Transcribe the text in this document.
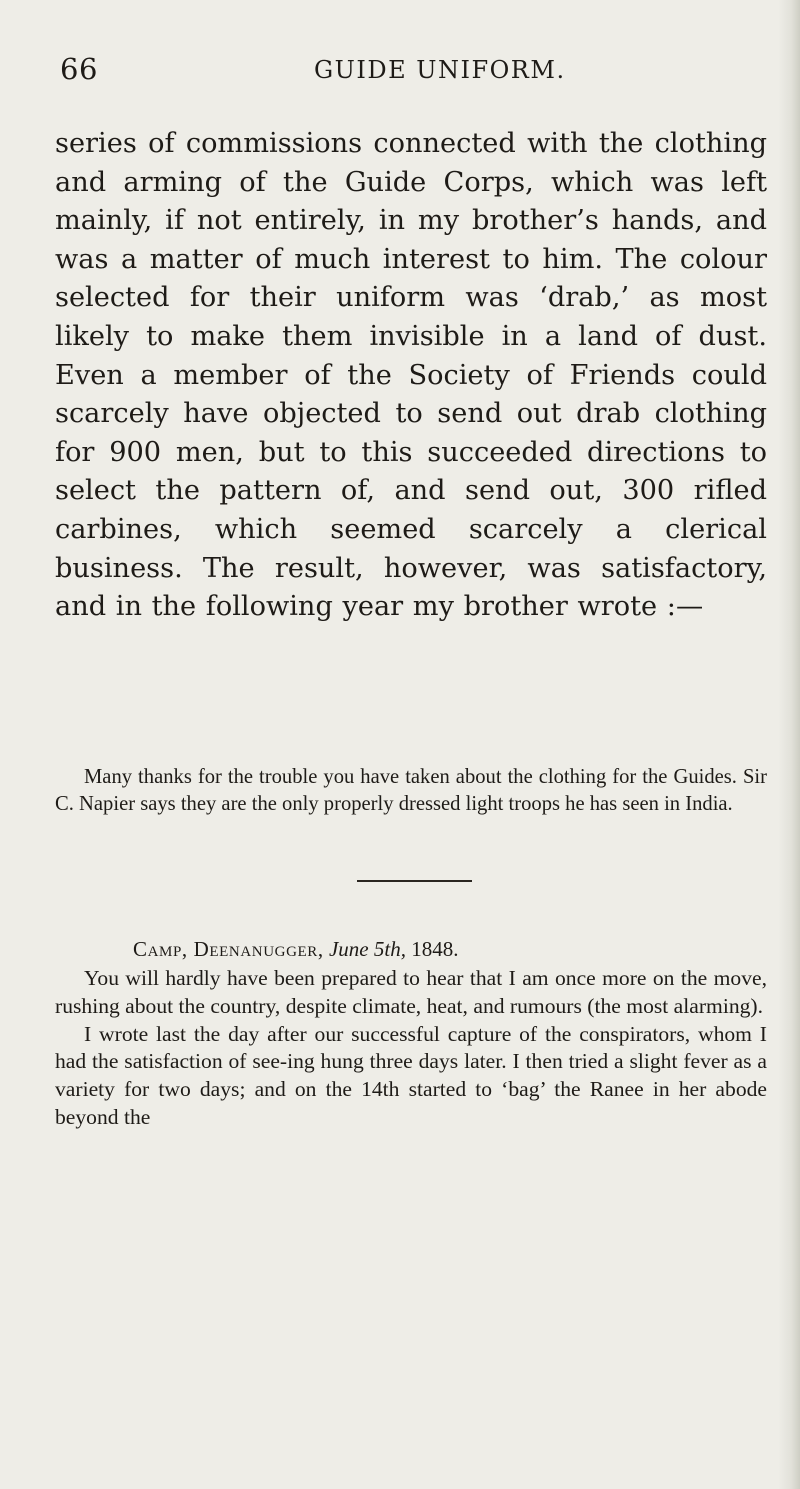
66	GUIDE UNIFORM.

series of commissions connected with the clothing and arming of the Guide Corps, which was left mainly, if not entirely, in my brother’s hands, and was a matter of much interest to him. The colour selected for their uniform was ‘drab,’ as most likely to make them invisible in a land of dust. Even a member of the Society of Friends could scarcely have objected to send out drab clothing for 900 men, but to this succeeded directions to select the pattern of, and send out, 300 rifled carbines, which seemed scarcely a clerical business. The result, however, was satisfactory, and in the following year my brother wrote :—

Many thanks for the trouble you have taken about the clothing for the Guides. Sir C. Napier says they are the only properly dressed light troops he has seen in India.

Camp, Deenanugger, June 5th, 1848.

You will hardly have been prepared to hear that I am once more on the move, rushing about the country, despite climate, heat, and rumours (the most alarming).

I wrote last the day after our successful capture of the conspirators, whom I had the satisfaction of see-ing hung three days later. I then tried a slight fever as a variety for two days; and on the 14th started to ‘bag’ the Ranee in her abode beyond the
